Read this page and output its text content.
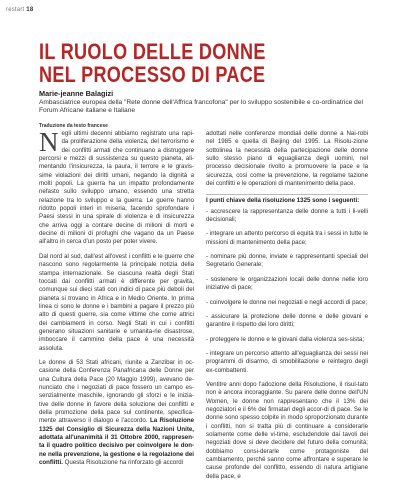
restart 18
IL RUOLO DELLE DONNE
NEL PROCESSO DI PACE
Marie-jeanne Balagizi
Ambasciatrice europea della "Rete donne dell'Affrica francofona" per lo sviluppo sostenibile e co-ordinatrice del Forum Africane italiane e Italiane
Traduzione da testo francese

Negli ultimi decenni abbiamo registrato una rapi-da proliferazione della violenza, del terrorismo e dei conflitti armati che continuano a distruggere percorsi e mezzi di sussistenza su questo pianeta, ali-mentando l'insicurezza, la paura, il terrore e le gravis-sime violazioni dei diritti umani, negando la dignità a molti popoli. La guerra ha un impatto profondamente nefasto sullo sviluppo umano, essendo una stretta relazione tra lo sviluppo e la guerra. Le guerre hanno ridotto popoli interi in miseria, facendo sprofondare i Paesi stessi in una spirale di violenza e di insicurezza che arriva oggi a contare decine di milioni di morti e decine di milioni di profughi che vagano da un Paese all'altro in cerca d'un posto per poter vivere.

Dal nord al sud, dall'est all'ovest i conflitti e le guerre che nascono sono regolarmente la principale notizia della stampa internazionale. Se ciascuna realtà degli Stati toccati dai conflitti armati è differente per gravità, comunque sui dieci stati con indici di pace più deboli del pianeta si trovano in Africa e in Medio Oriente. In prima linea ci sono le donne e i bambini a pagare il prezzo più alto di questi guerre, sia come vittime che come attrici dei cambiamenti in corso. Negli Stati in cui i conflitti generano situazioni sanitarie e umanita-rie disastrose, imboccare il cammino della pace è una necessità assoluta.

Le donne di 53 Stati africani, riunite a Zanzibar in oc-casione della Conferenza Panafricana delle Donne per una Cultura della Pace (20 Maggio 1999), avevano de-nunciato che i negoziati di pace fossero un campo es-senzialmente maschile, ignorando gli sforzi e le inizia-tive delle donne in favore della soluzione dei conflitti e della promozione della pace sul continente, specifica-mente attraverso il dialogo e l'accordo. La Risoluzione 1325 del Consiglio di Sicurezza della Nazioni Unite, adottata all'unanimità il 31 Ottobre 2000, rappresen-ta il quadro politico decisivo per coinvolgere le don-ne nella prevenzione, la gestione e la regolazione dei conflitti. Questa Risoluzione ha rinforzato gli accordi

adottati nelle conferenze mondiali delle donne a Nai-robi nel 1985 e quella di Beijing del 1995. La Risolu-zione sottolinea la necessità della partecipazione delle donne sullo stesso piano di eguaglianza degli uomini, nel processo decisionale rivolto a promuovere la pace e la sicurezza, così come la prevenzione, la regolame tazione dei conflitti e le operazioni di mantenimento della pace.

I punti chiave della risoluzione 1325 sono i seguenti:

- accrescere la rappresentanza delle donne a tutti i li-velli decisionali;

- integrare un attento percorso di equità tra i sessi in tutte le missioni di mantenimento della pace;

- nominare più donne, inviate e rappresentanti speciali del Segretario Generale;

- sostenere le organizzazioni locali delle donne nelle loro iniziative di pace;

- coinvolgere le donne nei negoziati e negli accordi di pace;

- assicurare la protezione delle donne e delle giovani e garantire il rispetto dei loro diritti;

- proteggere le donne e le giovani dalla violenza ses-sista;

- integrare un percorso attento all'eguaglianza dei sessi nei programmi di disarmo, di smobilitazione e reintegro degli ex-combattenti.

Ventitre anni dopo l'adozione della Risoluzione, il risul-tato non è ancora incoraggiante. Su parere delle donne dell'UN Women, le donne non rappresentano che il 13% dei negoziatori e il 6% dei firmatari degli accor-di di pace. Se le donne sono spesso colpite in modo sproporzionato durante i conflitti, non si tratta più di continuare a considerarle solamente come delle vi-time, escludendole dai tavoli dei negoziati dove si deve decidere del futuro della comunità; dobbiamo consi-derarle come protagoniste del cambiamento, perché sanno come affrontare e superare le cause profonde del conflitto, essendo di natura artigiane della pace, e
